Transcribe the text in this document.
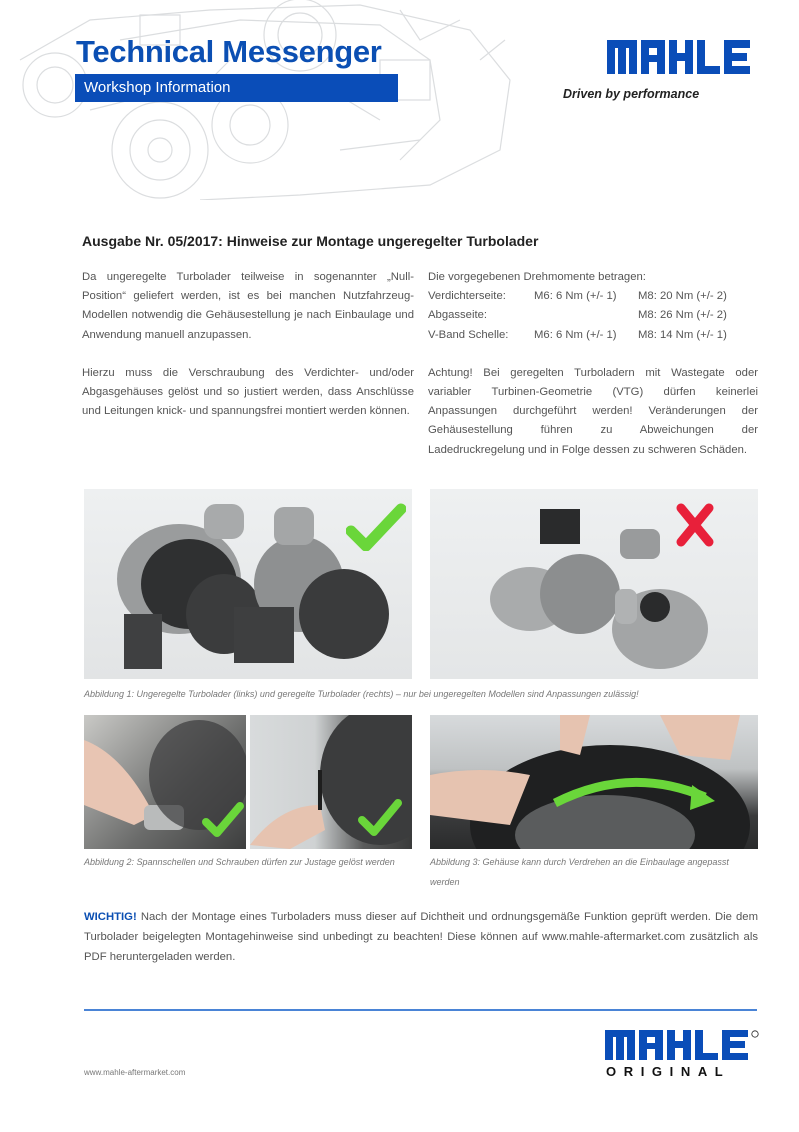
Technical Messenger
Workshop Information	Driven by performance
Ausgabe Nr. 05/2017: Hinweise zur Montage ungeregelter Turbolader

Da ungeregelte Turbolader teilweise in sogenannter „Null-Position“ geliefert werden, ist es bei manchen Nutzfahrzeug-Modellen notwendig die Gehäusestellung je nach Einbaulage und Anwendung manuell anzupassen.

Hierzu muss die Verschraubung des Verdichter- und/oder Abgasgehäuses gelöst und so justiert werden, dass Anschlüsse und Leitungen knick- und spannungsfrei montiert werden können.

Die vorgegebenen Drehmomente betragen:
Verdichterseite:	M6: 6 Nm (+/- 1)	M8: 20 Nm (+/- 2)
Abgasseite:	M8: 26 Nm (+/- 2)
V-Band Schelle:	M6: 6 Nm (+/- 1)	M8: 14 Nm (+/- 1)

Achtung! Bei geregelten Turboladern mit Wastegate oder variabler Turbinen-Geometrie (VTG) dürfen keinerlei Anpassungen durchgeführt werden! Veränderungen der Gehäusestellung führen zu Abweichungen der Ladedruckregelung und in Folge dessen zu schweren Schäden.

Abbildung 1: Ungeregelte Turbolader (links) und geregelte Turbolader (rechts) – nur bei ungeregelten Modellen sind Anpassungen zulässig!
Abbildung 2: Spannschellen und Schrauben dürfen zur Justage gelöst werden	Abbildung 3: Gehäuse kann durch Verdrehen an die Einbaulage angepasst werden
WICHTIG! Nach der Montage eines Turboladers muss dieser auf Dichtheit und ordnungsgemäße Funktion geprüft werden. Die dem Turbolader beigelegten Montagehinweise sind unbedingt zu beachten! Diese können auf www.mahle-aftermarket.com zusätzlich als PDF heruntergeladen werden.
www.mahle-aftermarket.com	ORIGINAL
